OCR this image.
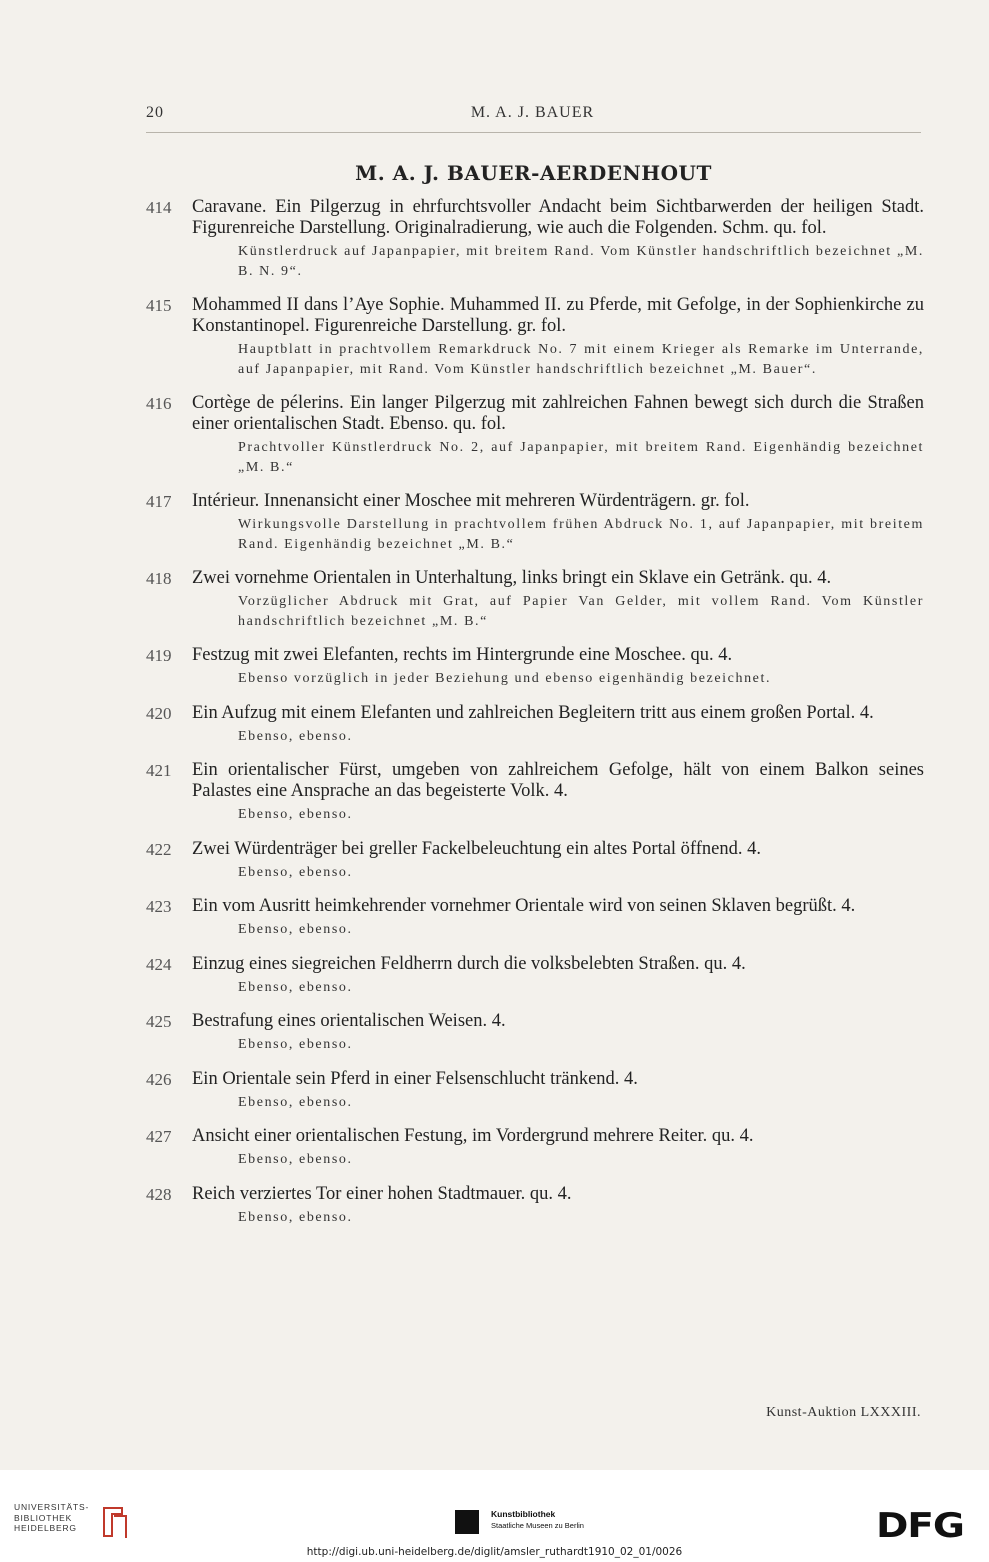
20	M. A. J. BAUER
M. A. J. BAUER-AERDENHOUT
414	Caravane. Ein Pilgerzug in ehrfurchtsvoller Andacht beim Sichtbarwerden der heiligen Stadt. Figurenreiche Darstellung. Originalradierung, wie auch die Folgenden. Schm. qu. fol.
Künstlerdruck auf Japanpapier, mit breitem Rand. Vom Künstler handschriftlich bezeichnet „M. B. N. 9“.
415	Mohammed II dans l’Aye Sophie. Muhammed II. zu Pferde, mit Gefolge, in der Sophienkirche zu Konstantinopel. Figurenreiche Darstellung. gr. fol.
Hauptblatt in prachtvollem Remarkdruck No. 7 mit einem Krieger als Remarke im Unterrande, auf Japanpapier, mit Rand. Vom Künstler handschriftlich bezeichnet „M. Bauer“.
416	Cortège de pélerins. Ein langer Pilgerzug mit zahlreichen Fahnen bewegt sich durch die Straßen einer orientalischen Stadt. Ebenso. qu. fol.
Prachtvoller Künstlerdruck No. 2, auf Japanpapier, mit breitem Rand. Eigenhändig bezeichnet „M. B.“
417	Intérieur. Innenansicht einer Moschee mit mehreren Würdenträgern. gr. fol.
Wirkungsvolle Darstellung in prachtvollem frühen Abdruck No. 1, auf Japanpapier, mit breitem Rand. Eigenhändig bezeichnet „M. B.“
418	Zwei vornehme Orientalen in Unterhaltung, links bringt ein Sklave ein Getränk. qu. 4.
Vorzüglicher Abdruck mit Grat, auf Papier Van Gelder, mit vollem Rand. Vom Künstler handschriftlich bezeichnet „M. B.“
419	Festzug mit zwei Elefanten, rechts im Hintergrunde eine Moschee. qu. 4.
Ebenso vorzüglich in jeder Beziehung und ebenso eigenhändig bezeichnet.
420	Ein Aufzug mit einem Elefanten und zahlreichen Begleitern tritt aus einem großen Portal. 4.
Ebenso, ebenso.
421	Ein orientalischer Fürst, umgeben von zahlreichem Gefolge, hält von einem Balkon seines Palastes eine Ansprache an das begeisterte Volk. 4.
Ebenso, ebenso.
422	Zwei Würdenträger bei greller Fackelbeleuchtung ein altes Portal öffnend. 4.
Ebenso, ebenso.
423	Ein vom Ausritt heimkehrender vornehmer Orientale wird von seinen Sklaven begrüßt. 4.
Ebenso, ebenso.
424	Einzug eines siegreichen Feldherrn durch die volksbelebten Straßen. qu. 4.
Ebenso, ebenso.
425	Bestrafung eines orientalischen Weisen. 4.
Ebenso, ebenso.
426	Ein Orientale sein Pferd in einer Felsenschlucht tränkend. 4.
Ebenso, ebenso.
427	Ansicht einer orientalischen Festung, im Vordergrund mehrere Reiter. qu. 4.
Ebenso, ebenso.
428	Reich verziertes Tor einer hohen Stadtmauer. qu. 4.
Ebenso, ebenso.
Kunst-Auktion LXXXIII.
UNIVERSITÄTS-
BIBLIOTHEK
HEIDELBERG
Kunstbibliothek
Staatliche Museen zu Berlin	DFG
http://digi.ub.uni-heidelberg.de/diglit/amsler_ruthardt1910_02_01/0026
